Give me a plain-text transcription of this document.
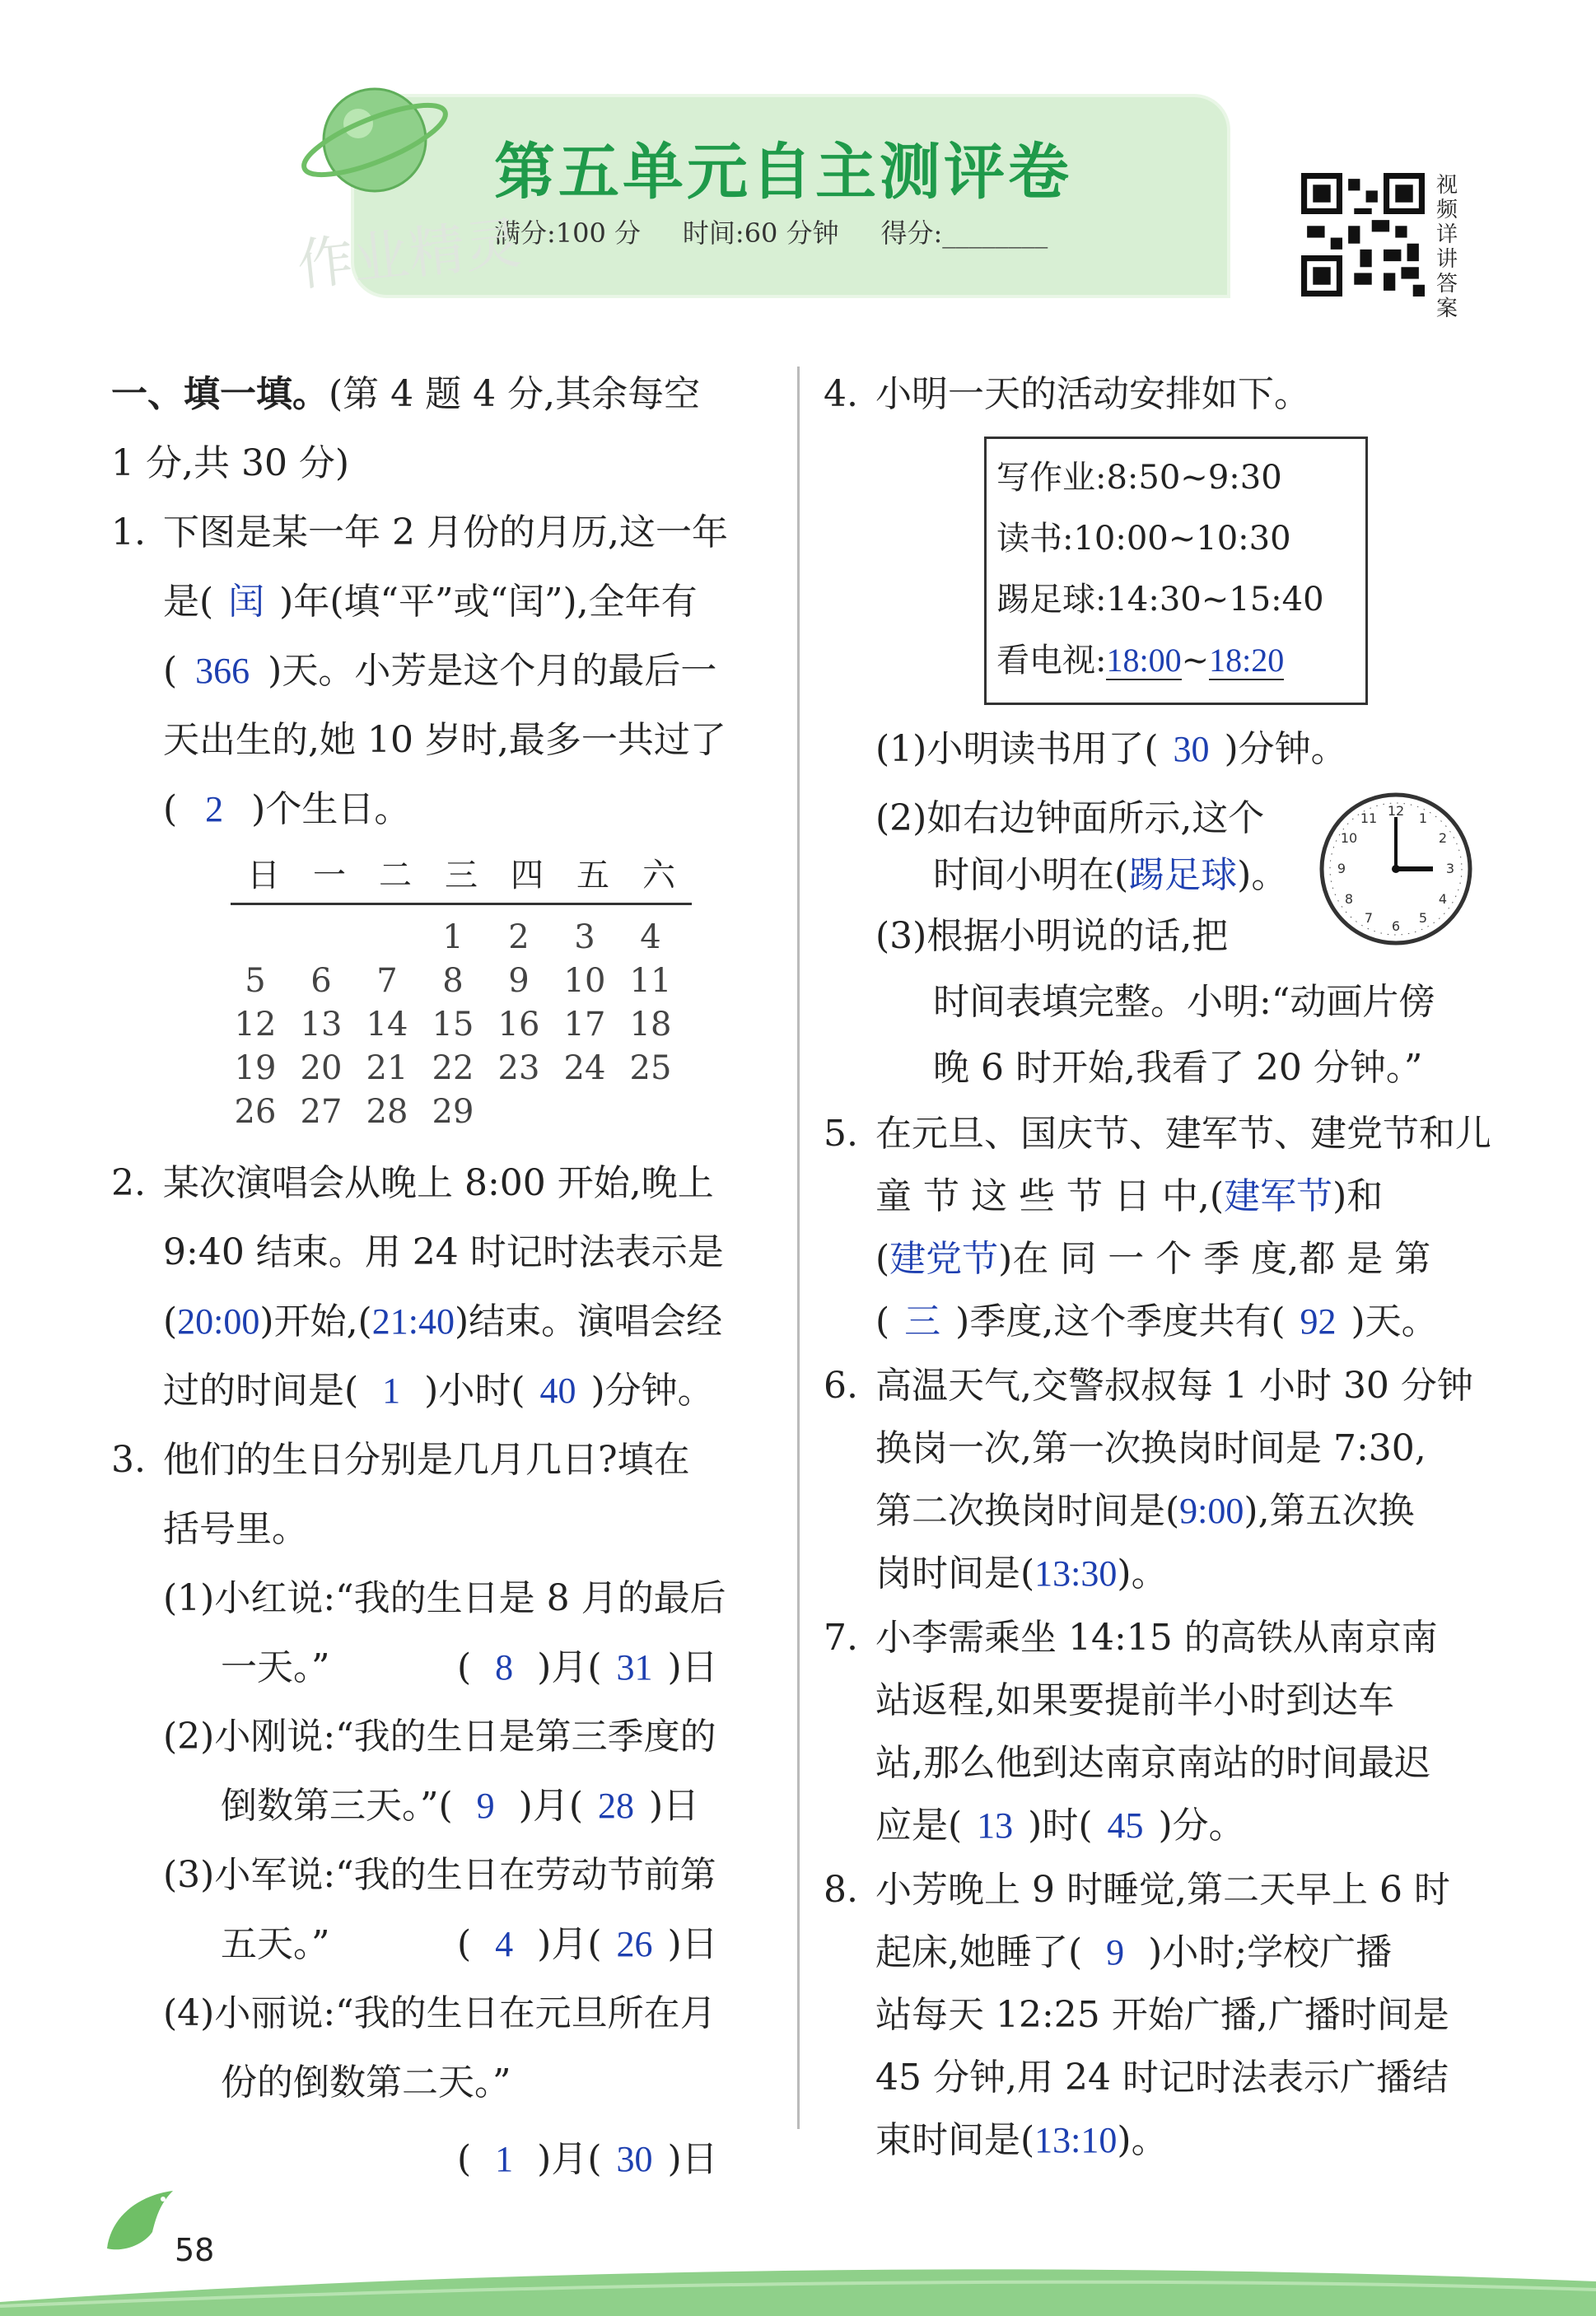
第五单元自主测评卷
满分:100 分 时间:60 分钟 得分:________
作业精灵
视频详讲答案
一、填一填。(第 4 题 4 分,其余每空
1 分,共 30 分)
1. 下图是某一年 2 月份的月历,这一年
是( 闰 )年(填“平”或“闰”),全年有
( 366 )天。小芳是这个月的最后一
天出生的,她 10 岁时,最多一共过了
( 2 )个生日。
日 一 二 三 四 五 六
1 2 3 4
5 6 7 8 9 10 11
12 13 14 15 16 17 18
19 20 21 22 23 24 25
26 27 28 29
2. 某次演唱会从晚上 8:00 开始,晚上
9:40 结束。用 24 时记时法表示是
(20:00)开始,(21:40)结束。演唱会经
过的时间是( 1 )小时( 40 )分钟。
3. 他们的生日分别是几月几日?填在
括号里。
(1)小红说:“我的生日是 8 月的最后
一天。”	( 8 )月( 31 )日
(2)小刚说:“我的生日是第三季度的
倒数第三天。”( 9 )月( 28 )日
(3)小军说:“我的生日在劳动节前第
五天。”	( 4 )月( 26 )日
(4)小丽说:“我的生日在元旦所在月
份的倒数第二天。”
( 1 )月( 30 )日
4. 小明一天的活动安排如下。
写作业:8:50~9:30
读书:10:00~10:30
踢足球:14:30~15:40
看电视:18:00~18:20
(1)小明读书用了( 30 )分钟。
(2)如右边钟面所示,这个
时间小明在(踢足球)。
12 1
2
3
4
5
6
7
8
9
10
11
(3)根据小明说的话,把
时间表填完整。小明:“动画片傍
晚 6 时开始,我看了 20 分钟。”
5. 在元旦、国庆节、建军节、建党节和儿
童 节 这 些 节 日 中,(建军节)和
(建党节)在 同 一 个 季 度,都 是 第
( 三 )季度,这个季度共有( 92 )天。
6. 高温天气,交警叔叔每 1 小时 30 分钟
换岗一次,第一次换岗时间是 7:30,
第二次换岗时间是(9:00),第五次换
岗时间是(13:30)。
7. 小李需乘坐 14:15 的高铁从南京南
站返程,如果要提前半小时到达车
站,那么他到达南京南站的时间最迟
应是( 13 )时( 45 )分。
8. 小芳晚上 9 时睡觉,第二天早上 6 时
起床,她睡了( 9 )小时;学校广播
站每天 12:25 开始广播,广播时间是
45 分钟,用 24 时记时法表示广播结
束时间是(13:10)。
58
